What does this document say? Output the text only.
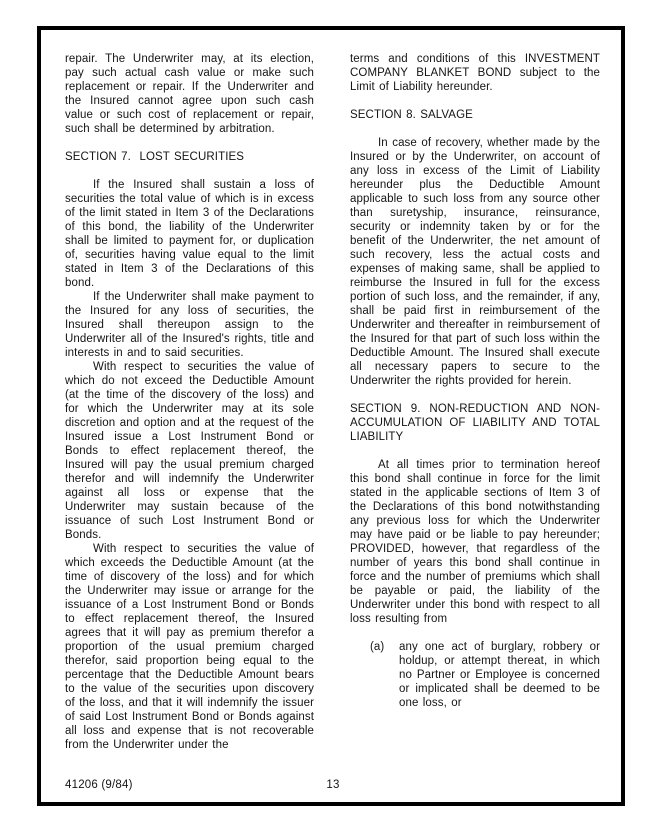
repair. The Underwriter may, at its election, pay such actual cash value or make such replacement or repair. If the Underwriter and the Insured cannot agree upon such cash value or such cost of replacement or repair, such shall be determined by arbitration.

SECTION 7.  LOST SECURITIES

If the Insured shall sustain a loss of securities the total value of which is in excess of the limit stated in Item 3 of the Declarations of this bond, the liability of the Underwriter shall be limited to payment for, or duplication of, securities having value equal to the limit stated in Item 3 of the Declarations of this bond.

If the Underwriter shall make payment to the Insured for any loss of securities, the Insured shall thereupon assign to the Underwriter all of the Insured's rights, title and interests in and to said securities.

With respect to securities the value of which do not exceed the Deductible Amount (at the time of the discovery of the loss) and for which the Underwriter may at its sole discretion and option and at the request of the Insured issue a Lost Instrument Bond or Bonds to effect replacement thereof, the Insured will pay the usual premium charged therefor and will indemnify the Underwriter against all loss or expense that the Underwriter may sustain because of the issuance of such Lost Instrument Bond or Bonds.

With respect to securities the value of which exceeds the Deductible Amount (at the time of discovery of the loss) and for which the Underwriter may issue or arrange for the issuance of a Lost Instrument Bond or Bonds to effect replacement thereof, the Insured agrees that it will pay as premium therefor a proportion of the usual premium charged therefor, said proportion being equal to the percentage that the Deductible Amount bears to the value of the securities upon discovery of the loss, and that it will indemnify the issuer of said Lost Instrument Bond or Bonds against all loss and expense that is not recoverable from the Underwriter under the

terms and conditions of this INVESTMENT COMPANY BLANKET BOND subject to the Limit of Liability hereunder.

SECTION 8. SALVAGE

In case of recovery, whether made by the Insured or by the Underwriter, on account of any loss in excess of the Limit of Liability hereunder plus the Deductible Amount applicable to such loss from any source other than suretyship, insurance, reinsurance, security or indemnity taken by or for the benefit of the Underwriter, the net amount of such recovery, less the actual costs and expenses of making same, shall be applied to reimburse the Insured in full for the excess portion of such loss, and the remainder, if any, shall be paid first in reimbursement of the Underwriter and thereafter in reimbursement of the Insured for that part of such loss within the Deductible Amount. The Insured shall execute all necessary papers to secure to the Underwriter the rights provided for herein.

SECTION 9. NON-REDUCTION AND NON-ACCUMULATION OF LIABILITY AND TOTAL LIABILITY

At all times prior to termination hereof this bond shall continue in force for the limit stated in the applicable sections of Item 3 of the Declarations of this bond notwithstanding any previous loss for which the Underwriter may have paid or be liable to pay hereunder; PROVIDED, however, that regardless of the number of years this bond shall continue in force and the number of premiums which shall be payable or paid, the liability of the Underwriter under this bond with respect to all loss resulting from

(a)	any one act of burglary, robbery or holdup, or attempt thereat, in which no Partner or Employee is concerned or implicated shall be deemed to be one loss, or
13
41206 (9/84)
